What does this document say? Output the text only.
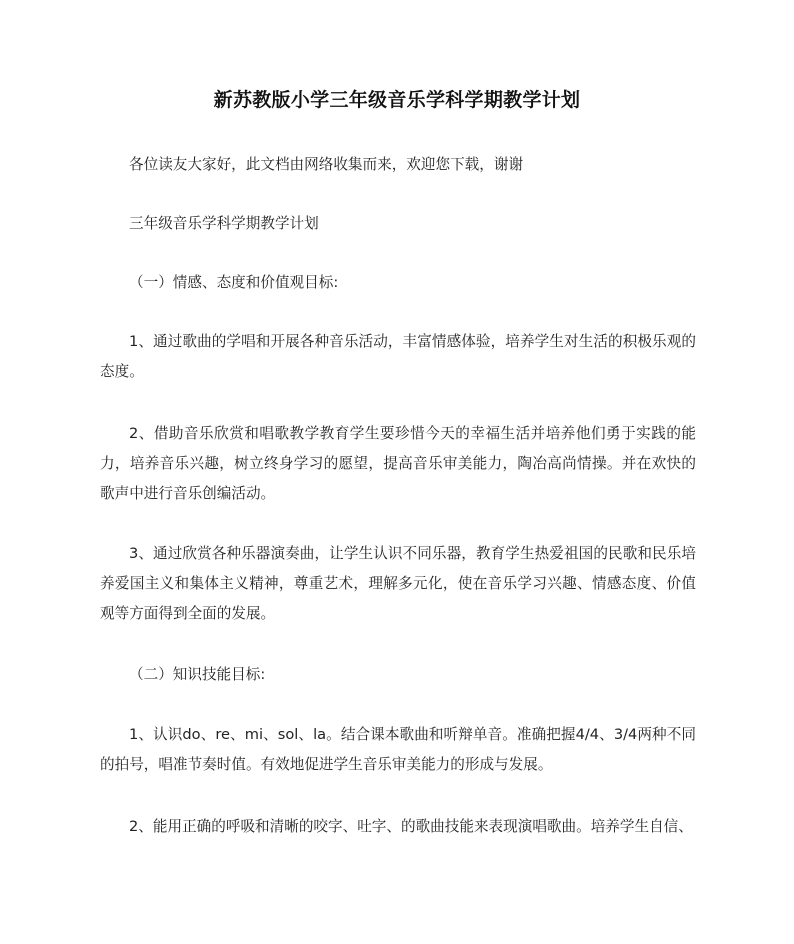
新苏教版小学三年级音乐学科学期教学计划
各位读友大家好，此文档由网络收集而来，欢迎您下载，谢谢
三年级音乐学科学期教学计划
（一）情感、态度和价值观目标:
1、通过歌曲的学唱和开展各种音乐活动，丰富情感体验，培养学生对生活的积极乐观的态度。
2、借助音乐欣赏和唱歌教学教育学生要珍惜今天的幸福生活并培养他们勇于实践的能力，培养音乐兴趣，树立终身学习的愿望，提高音乐审美能力，陶冶高尚情操。并在欢快的歌声中进行音乐创编活动。
3、通过欣赏各种乐器演奏曲，让学生认识不同乐器，教育学生热爱祖国的民歌和民乐培养爱国主义和集体主义精神，尊重艺术，理解多元化，使在音乐学习兴趣、情感态度、价值观等方面得到全面的发展。
（二）知识技能目标:
1、认识do、re、mi、sol、la。结合课本歌曲和听辩单音。准确把握4/4、3/4两种不同的拍号，唱准节奏时值。有效地促进学生音乐审美能力的形成与发展。
2、能用正确的呼吸和清晰的咬字、吐字、的歌曲技能来表现演唱歌曲。培养学生自信、
